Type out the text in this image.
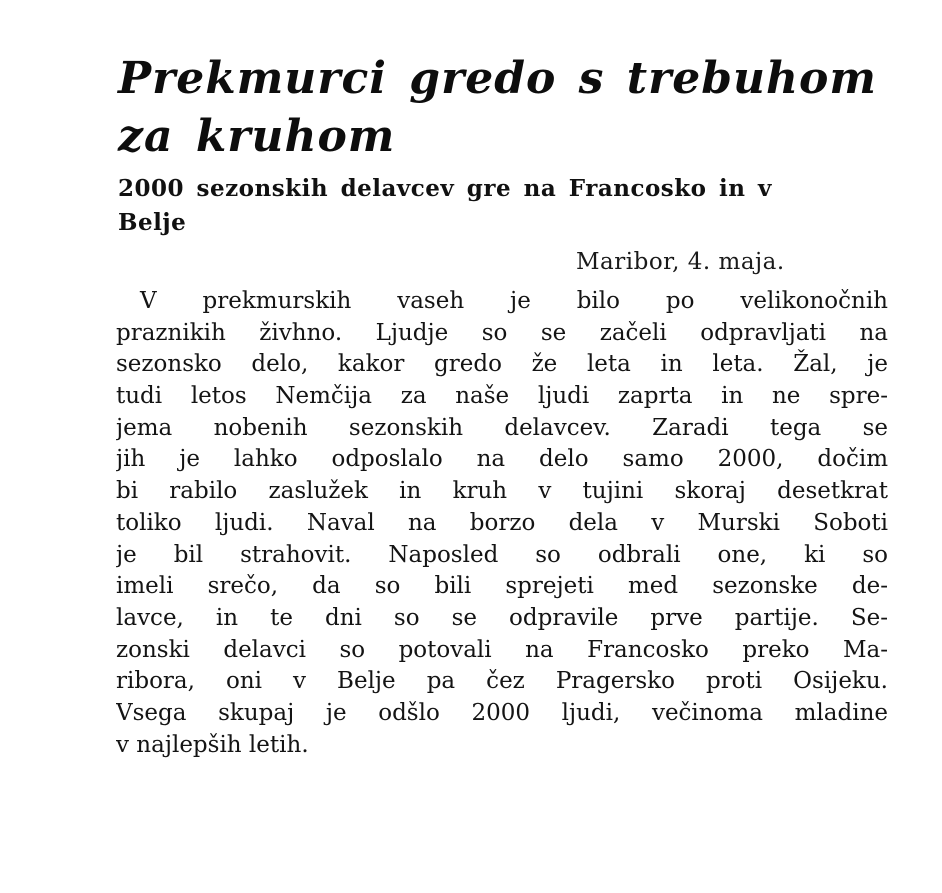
Prekmurci gredo s trebuhom za kruhom
2000 sezonskih delavcev gre na Francosko in v Belje

Maribor, 4. maja.

V prekmurskih vaseh je bilo po velikonočnih
praznikih živhno. Ljudje so se začeli odpravljati na
sezonsko delo, kakor gredo že leta in leta. Žal, je
tudi letos Nemčija za naše ljudi zaprta in ne spre-
jema nobenih sezonskih delavcev. Zaradi tega se
jih je lahko odposlalo na delo samo 2000, dočim
bi rabilo zaslužek in kruh v tujini skoraj desetkrat
toliko ljudi. Naval na borzo dela v Murski Soboti
je bil strahovit. Naposled so odbrali one, ki so
imeli srečo, da so bili sprejeti med sezonske de-
lavce, in te dni so se odpravile prve partije. Se-
zonski delavci so potovali na Francosko preko Ma-
ribora, oni v Belje pa čez Pragersko proti Osijeku.
Vsega skupaj je odšlo 2000 ljudi, večinoma mladine
v najlepših letih.
